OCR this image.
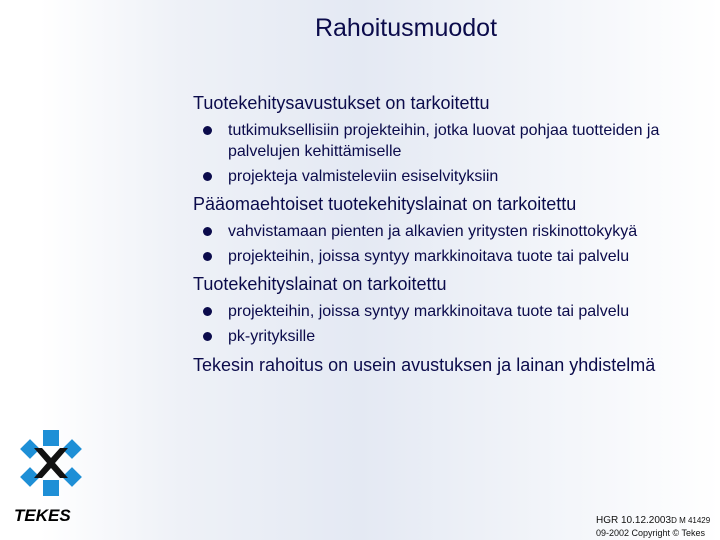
Rahoitusmuodot

Tuotekehitysavustukset on tarkoitettu

tutkimuksellisiin projekteihin, jotka luovat pohjaa tuotteiden ja palvelujen kehittämiselle
projekteja valmisteleviin esiselvityksiin

Pääomaehtoiset tuotekehityslainat on tarkoitettu

vahvistamaan pienten ja alkavien yritysten riskinottokykyä
projekteihin, joissa syntyy markkinoitava tuote tai palvelu

Tuotekehityslainat on tarkoitettu

projekteihin, joissa syntyy markkinoitava tuote tai palvelu
pk-yrityksille
Tekesin rahoitus on usein avustuksen ja lainan yhdistelmä
TEKES	HGR 10.12.2003D M 41429
09-2002 Copyright © Tekes
